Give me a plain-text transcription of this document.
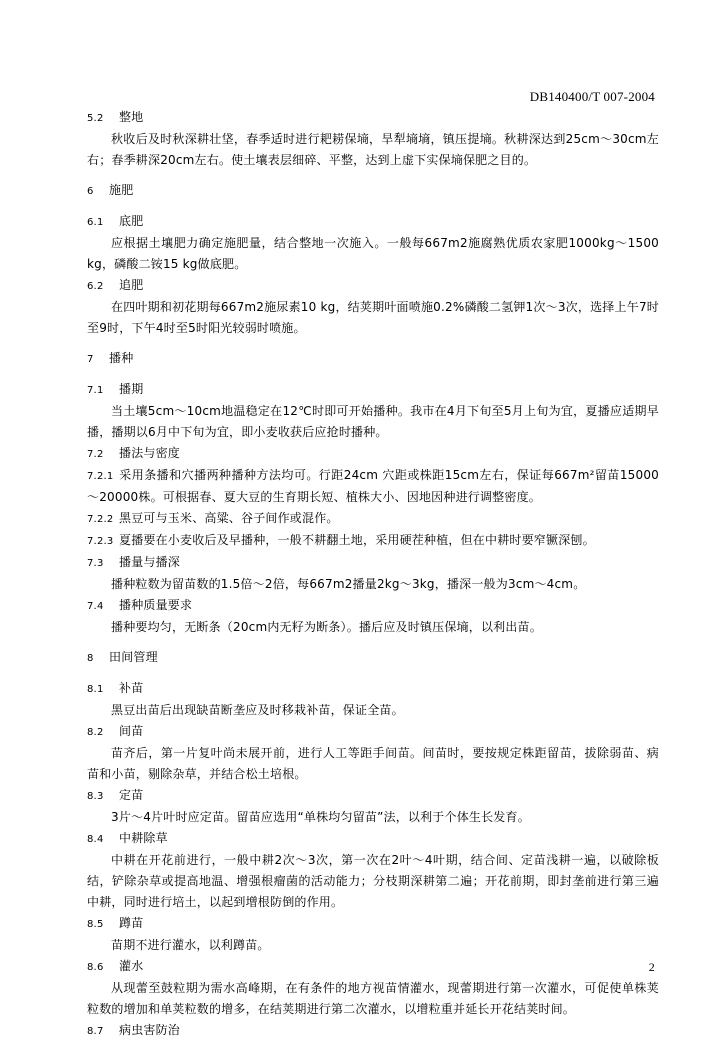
DB140400/T 007-2004
5.2 整地

秋收后及时秋深耕壮垡，春季适时进行耙耢保墒，旱犁墒墒，镇压提墒。秋耕深达到25cm～30cm左右；春季耕深20cm左右。使土壤表层细碎、平整，达到上虚下实保墒保肥之目的。

6 施肥
6.1 底肥

应根据土壤肥力确定施肥量，结合整地一次施入。一般每667m2施腐熟优质农家肥1000kg～1500 kg，磷酸二铵15 kg做底肥。

6.2 追肥

在四叶期和初花期每667m2施尿素10 kg，结荚期叶面喷施0.2%磷酸二氢钾1次～3次，选择上午7时至9时，下午4时至5时阳光较弱时喷施。

7 播种
7.1 播期

当土壤5cm～10cm地温稳定在12℃时即可开始播种。我市在4月下旬至5月上旬为宜，夏播应适期早播，播期以6月中下旬为宜，即小麦收获后应抢时播种。

7.2 播法与密度

7.2.1 采用条播和穴播两种播种方法均可。行距24cm 穴距或株距15cm左右，保证每667m²留苗15000～20000株。可根据春、夏大豆的生育期长短、植株大小、因地因种进行调整密度。

7.2.2 黑豆可与玉米、高粱、谷子间作或混作。

7.2.3 夏播要在小麦收后及早播种，一般不耕翻土地，采用硬茬种植，但在中耕时要窄镢深刨。

7.3 播量与播深

播种粒数为留苗数的1.5倍～2倍，每667m2播量2kg～3kg，播深一般为3cm～4cm。

7.4 播种质量要求

播种要均匀，无断条（20cm内无籽为断条）。播后应及时镇压保墒，以利出苗。

8 田间管理
8.1 补苗

黑豆出苗后出现缺苗断垄应及时移栽补苗，保证全苗。

8.2 间苗

苗齐后，第一片复叶尚未展开前，进行人工等距手间苗。间苗时，要按规定株距留苗，拔除弱苗、病苗和小苗，剔除杂草，并结合松土培根。

8.3 定苗

3片～4片叶时应定苗。留苗应选用“单株均匀留苗”法，以利于个体生长发育。

8.4 中耕除草

中耕在开花前进行，一般中耕2次～3次，第一次在2叶～4叶期，结合间、定苗浅耕一遍，以破除板结，铲除杂草或提高地温、增强根瘤菌的活动能力；分枝期深耕第二遍；开花前期，即封垄前进行第三遍中耕，同时进行培土，以起到增根防倒的作用。

8.5 蹲苗

苗期不进行灌水，以利蹲苗。

8.6 灌水

从现蕾至鼓粒期为需水高峰期，在有条件的地方视苗情灌水，现蕾期进行第一次灌水，可促使单株荚粒数的增加和单荚粒数的增多，在结荚期进行第二次灌水，以增粒重并延长开花结荚时间。

8.7 病虫害防治
2
